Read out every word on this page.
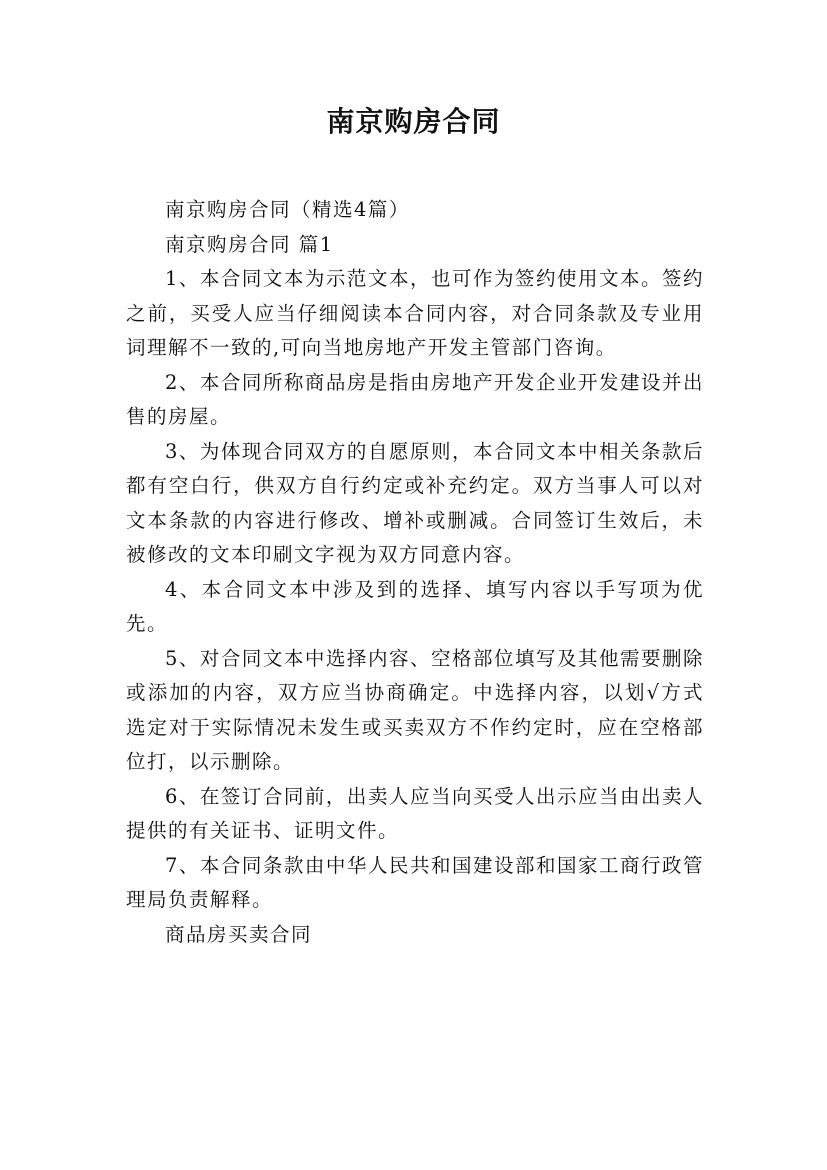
南京购房合同

南京购房合同（精选4篇）

南京购房合同 篇1

1、本合同文本为示范文本，也可作为签约使用文本。签约之前，买受人应当仔细阅读本合同内容，对合同条款及专业用词理解不一致的,可向当地房地产开发主管部门咨询。

2、本合同所称商品房是指由房地产开发企业开发建设并出售的房屋。

3、为体现合同双方的自愿原则，本合同文本中相关条款后都有空白行，供双方自行约定或补充约定。双方当事人可以对文本条款的内容进行修改、增补或删减。合同签订生效后，未被修改的文本印刷文字视为双方同意内容。

4、本合同文本中涉及到的选择、填写内容以手写项为优先。

5、对合同文本中选择内容、空格部位填写及其他需要删除或添加的内容，双方应当协商确定。中选择内容，以划√方式选定对于实际情况未发生或买卖双方不作约定时，应在空格部位打，以示删除。

6、在签订合同前，出卖人应当向买受人出示应当由出卖人提供的有关证书、证明文件。

7、本合同条款由中华人民共和国建设部和国家工商行政管理局负责解释。

商品房买卖合同
